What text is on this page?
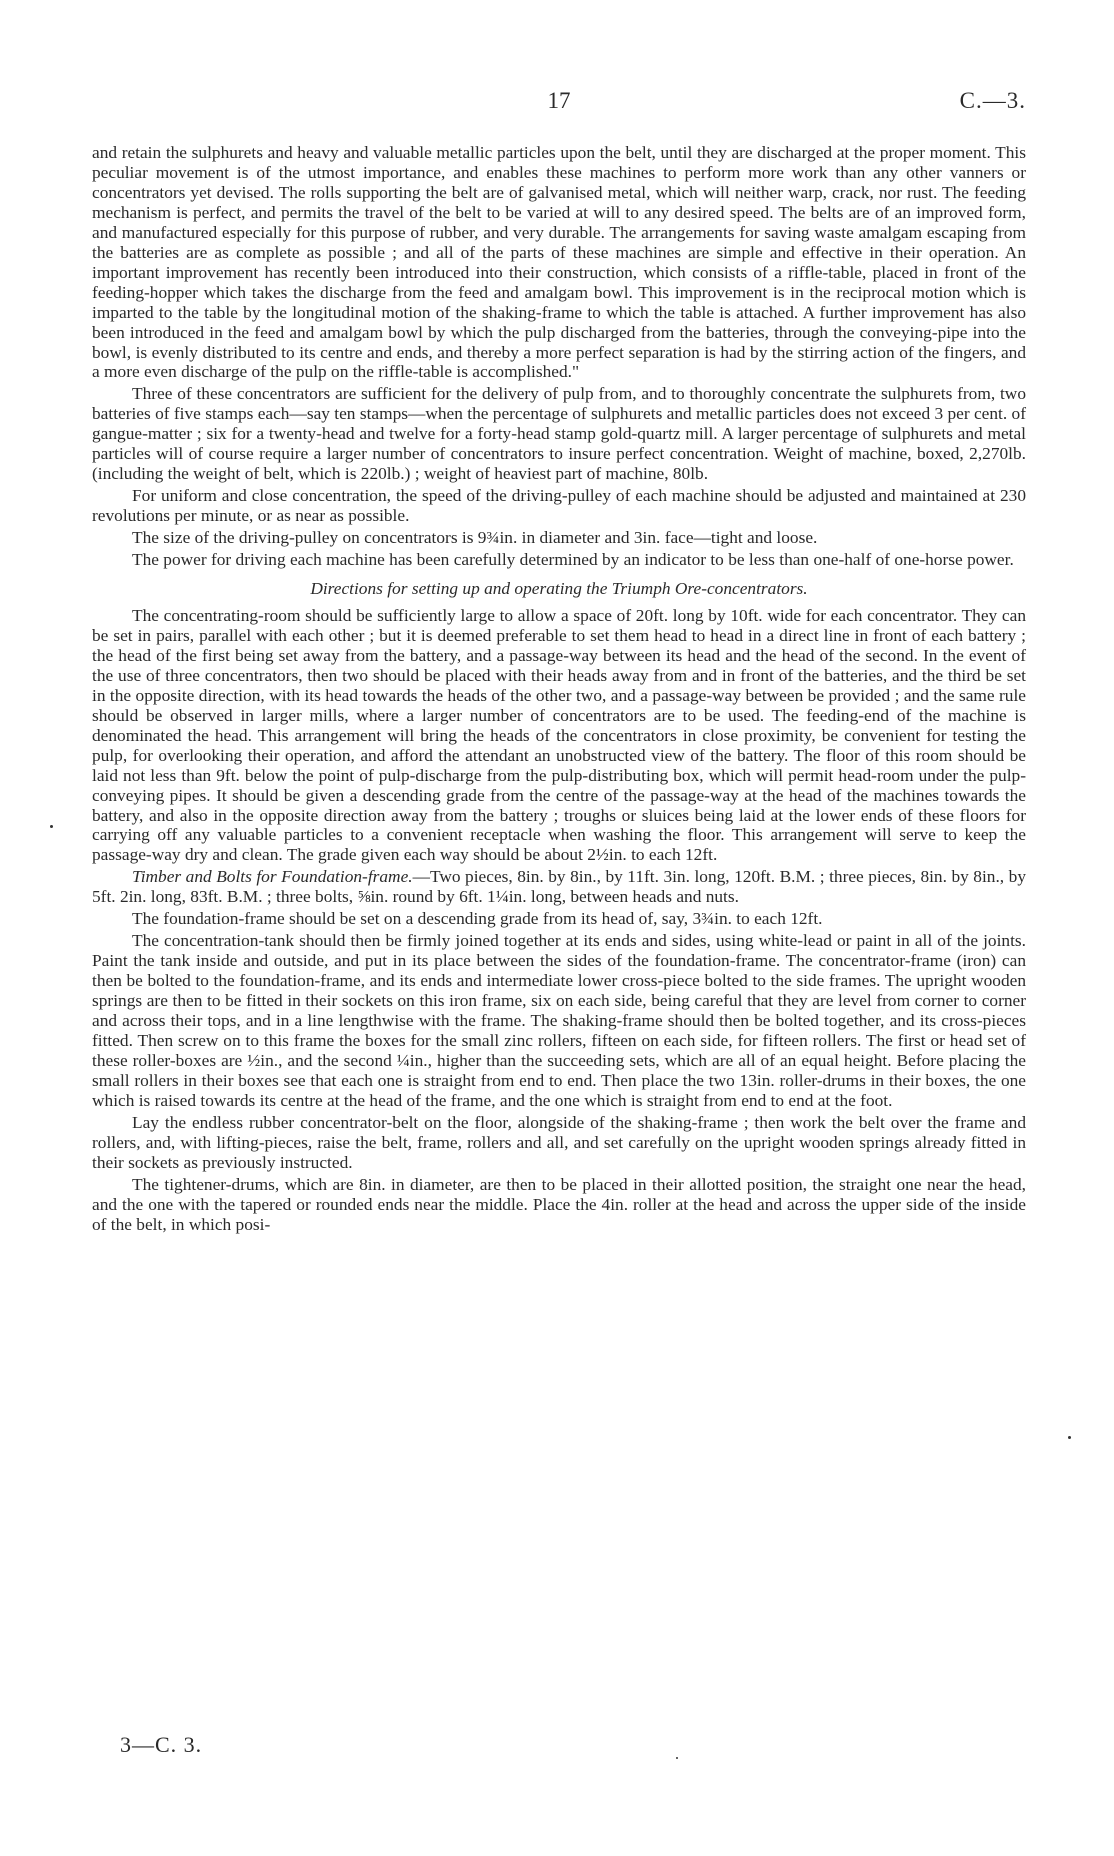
17	C.—3.

and retain the sulphurets and heavy and valuable metallic particles upon the belt, until they are discharged at the proper moment. This peculiar movement is of the utmost importance, and enables these machines to perform more work than any other vanners or concentrators yet devised. The rolls supporting the belt are of galvanised metal, which will neither warp, crack, nor rust. The feeding mechanism is perfect, and permits the travel of the belt to be varied at will to any desired speed. The belts are of an improved form, and manufactured especially for this purpose of rubber, and very durable. The arrangements for saving waste amalgam escaping from the batteries are as complete as possible ; and all of the parts of these machines are simple and effective in their operation. An important improvement has recently been introduced into their construction, which consists of a riffle-table, placed in front of the feeding-hopper which takes the discharge from the feed and amalgam bowl. This improvement is in the reciprocal motion which is imparted to the table by the longitudinal motion of the shaking-frame to which the table is attached. A further improvement has also been introduced in the feed and amalgam bowl by which the pulp discharged from the batteries, through the conveying-pipe into the bowl, is evenly distributed to its centre and ends, and thereby a more perfect separation is had by the stirring action of the fingers, and a more even discharge of the pulp on the riffle-table is accomplished."

Three of these concentrators are sufficient for the delivery of pulp from, and to thoroughly concentrate the sulphurets from, two batteries of five stamps each—say ten stamps—when the percentage of sulphurets and metallic particles does not exceed 3 per cent. of gangue-matter ; six for a twenty-head and twelve for a forty-head stamp gold-quartz mill. A larger percentage of sulphurets and metal particles will of course require a larger number of concentrators to insure perfect concentration. Weight of machine, boxed, 2,270lb. (including the weight of belt, which is 220lb.) ; weight of heaviest part of machine, 80lb.

For uniform and close concentration, the speed of the driving-pulley of each machine should be adjusted and maintained at 230 revolutions per minute, or as near as possible.

The size of the driving-pulley on concentrators is 9¾in. in diameter and 3in. face—tight and loose.

The power for driving each machine has been carefully determined by an indicator to be less than one-half of one-horse power.

Directions for setting up and operating the Triumph Ore-concentrators.

The concentrating-room should be sufficiently large to allow a space of 20ft. long by 10ft. wide for each concentrator. They can be set in pairs, parallel with each other ; but it is deemed preferable to set them head to head in a direct line in front of each battery ; the head of the first being set away from the battery, and a passage-way between its head and the head of the second. In the event of the use of three concentrators, then two should be placed with their heads away from and in front of the batteries, and the third be set in the opposite direction, with its head towards the heads of the other two, and a passage-way between be provided ; and the same rule should be observed in larger mills, where a larger number of concentrators are to be used. The feeding-end of the machine is denominated the head. This arrangement will bring the heads of the concentrators in close proximity, be convenient for testing the pulp, for overlooking their operation, and afford the attendant an unobstructed view of the battery. The floor of this room should be laid not less than 9ft. below the point of pulp-discharge from the pulp-distributing box, which will permit head-room under the pulp-conveying pipes. It should be given a descending grade from the centre of the passage-way at the head of the machines towards the battery, and also in the opposite direction away from the battery ; troughs or sluices being laid at the lower ends of these floors for carrying off any valuable particles to a convenient receptacle when washing the floor. This arrangement will serve to keep the passage-way dry and clean. The grade given each way should be about 2½in. to each 12ft.

Timber and Bolts for Foundation-frame.—Two pieces, 8in. by 8in., by 11ft. 3in. long, 120ft. B.M. ; three pieces, 8in. by 8in., by 5ft. 2in. long, 83ft. B.M. ; three bolts, ⅝in. round by 6ft. 1¼in. long, between heads and nuts.

The foundation-frame should be set on a descending grade from its head of, say, 3¾in. to each 12ft.

The concentration-tank should then be firmly joined together at its ends and sides, using white-lead or paint in all of the joints. Paint the tank inside and outside, and put in its place between the sides of the foundation-frame. The concentrator-frame (iron) can then be bolted to the foundation-frame, and its ends and intermediate lower cross-piece bolted to the side frames. The upright wooden springs are then to be fitted in their sockets on this iron frame, six on each side, being careful that they are level from corner to corner and across their tops, and in a line lengthwise with the frame. The shaking-frame should then be bolted together, and its cross-pieces fitted. Then screw on to this frame the boxes for the small zinc rollers, fifteen on each side, for fifteen rollers. The first or head set of these roller-boxes are ½in., and the second ¼in., higher than the succeeding sets, which are all of an equal height. Before placing the small rollers in their boxes see that each one is straight from end to end. Then place the two 13in. roller-drums in their boxes, the one which is raised towards its centre at the head of the frame, and the one which is straight from end to end at the foot.

Lay the endless rubber concentrator-belt on the floor, alongside of the shaking-frame ; then work the belt over the frame and rollers, and, with lifting-pieces, raise the belt, frame, rollers and all, and set carefully on the upright wooden springs already fitted in their sockets as previously instructed.

The tightener-drums, which are 8in. in diameter, are then to be placed in their allotted position, the straight one near the head, and the one with the tapered or rounded ends near the middle. Place the 4in. roller at the head and across the upper side of the inside of the belt, in which posi-

3—C. 3.
